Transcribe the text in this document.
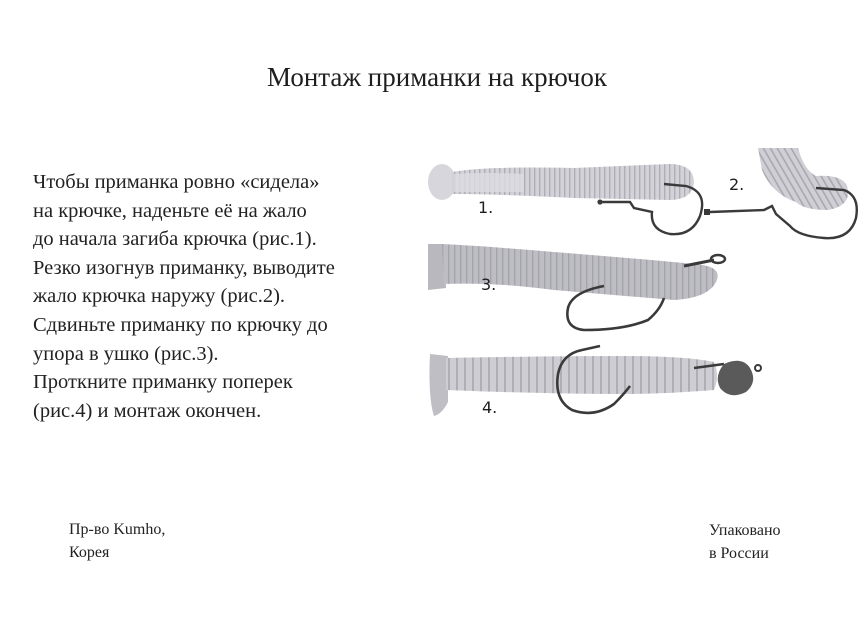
Монтаж приманки на крючок
Чтобы приманка ровно «сидела»
на крючке, наденьте её на жало
до начала загиба крючка (рис.1).
Резко изогнув приманку, выводите
жало крючка наружу (рис.2).
Сдвиньте приманку по крючку до
упора в ушко (рис.3).
Проткните приманку поперек
(рис.4) и монтаж окончен.
1.
2.
3.
4.
Пр-во Kumho,
Корея
Упаковано
в России
